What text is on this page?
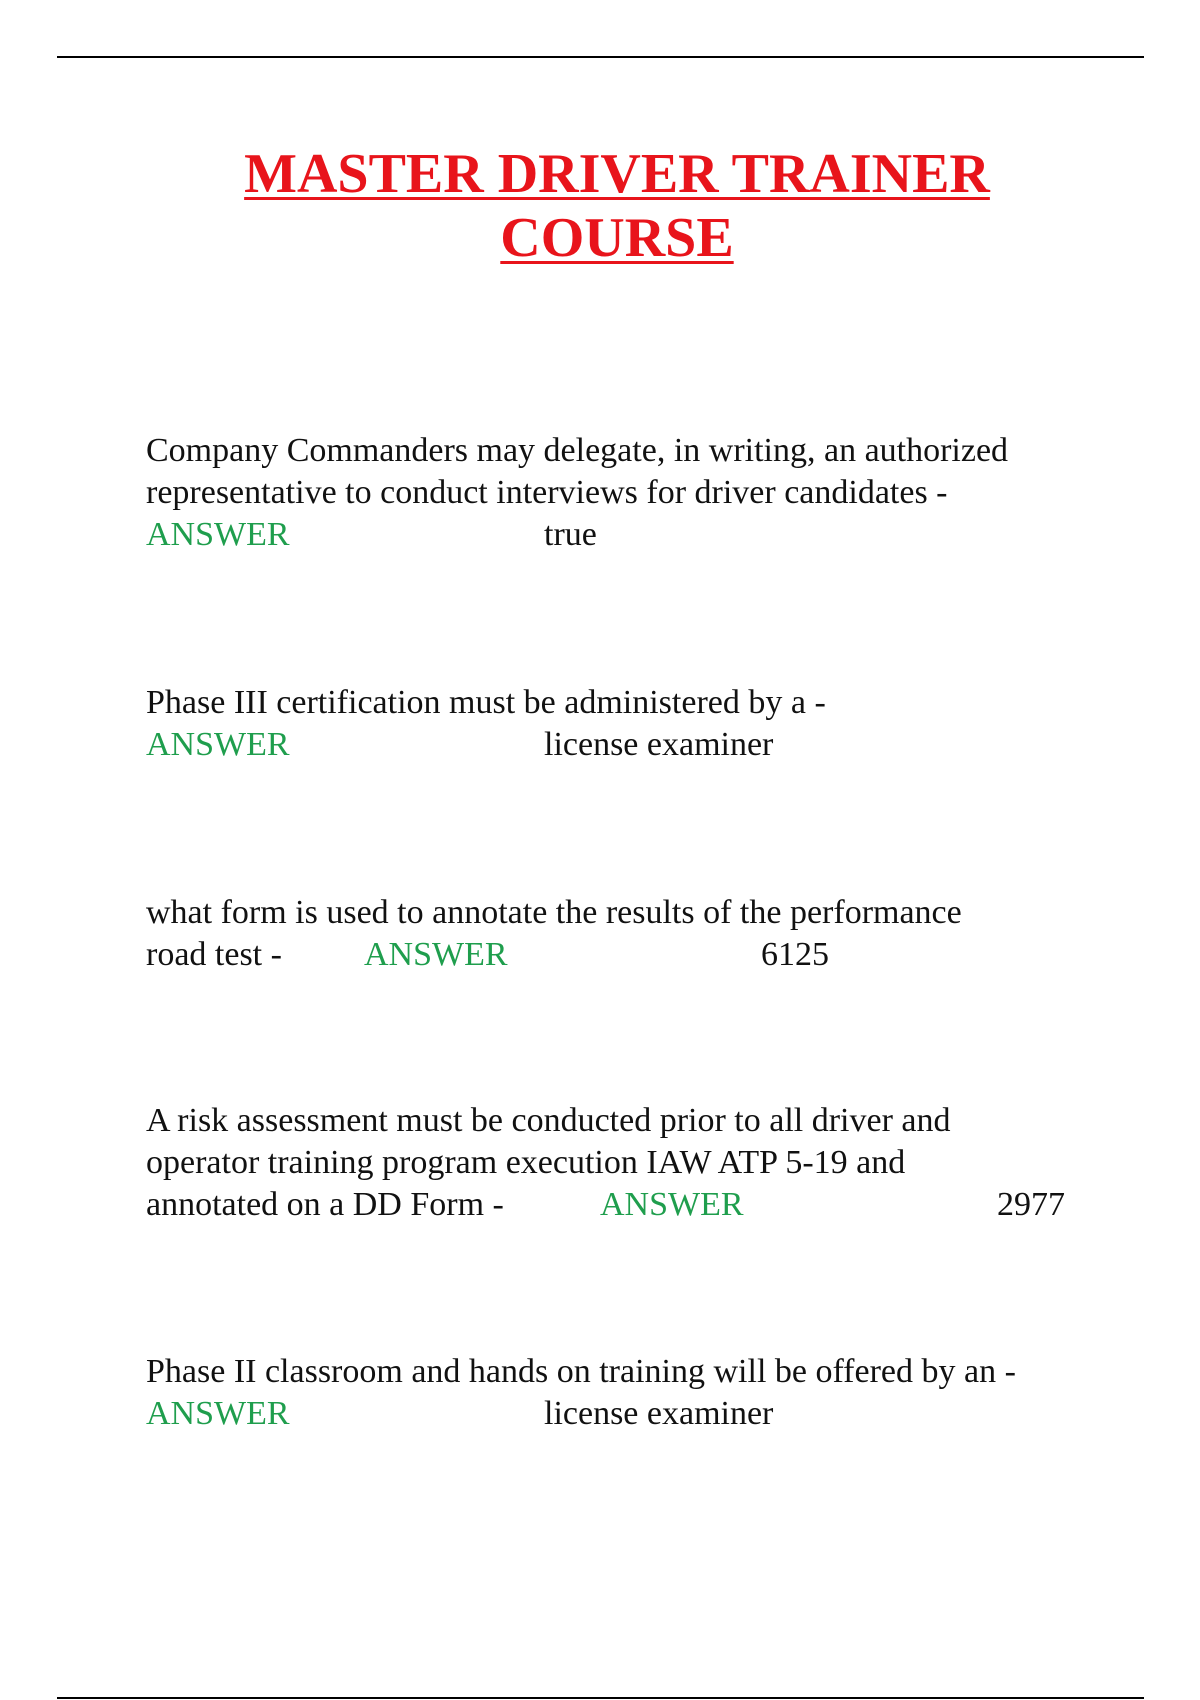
MASTER DRIVER TRAINER
COURSE
Company Commanders may delegate, in writing, an authorized
representative to conduct interviews for driver candidates -
ANSWER	true
Phase III certification must be administered by a -
ANSWER	license examiner
what form is used to annotate the results of the performance
road test - ANSWER	6125
A risk assessment must be conducted prior to all driver and
operator training program execution IAW ATP 5-19 and
annotated on a DD Form -	ANSWER	2977
Phase II classroom and hands on training will be offered by an -
ANSWER	license examiner
